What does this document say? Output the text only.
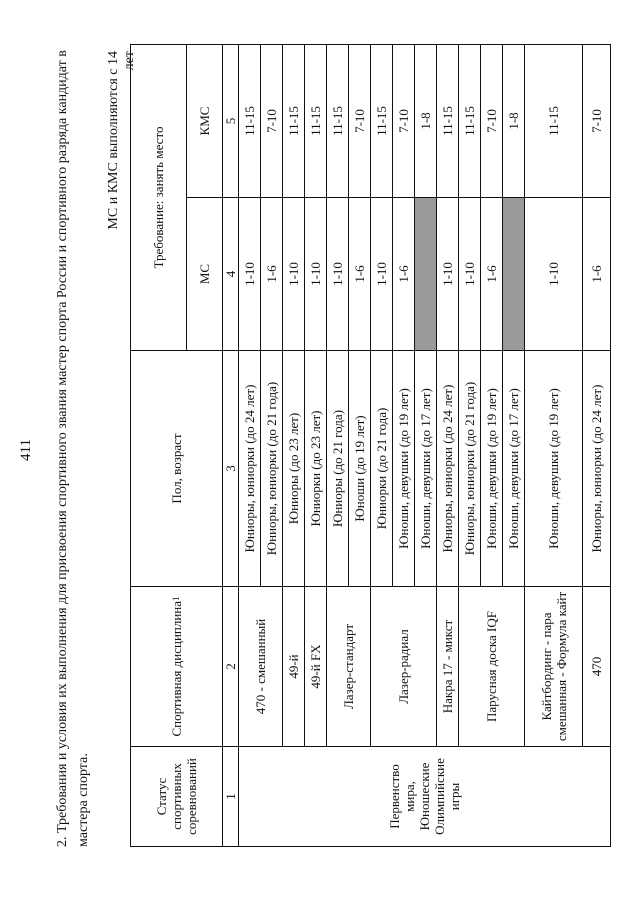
411 2. Требования и условия их выполнения для присвоения спортивного звания мастер спорта России и спортивного разряда кандидат в мастера спорта.
МС и КМС выполняются с 14 лет
Статус спортивных соревнований	Спортивная дисциплина$^1$	Пол, возраст	Требование: занять место	
			МС	КМС
1	2	3	4	5
Первенство мира, Юношеские Олимпийские игры	470 - смешанный	Юниоры, юниорки (до 24 лет)	1-10	11-15
		Юниоры, юниорки (до 21 года)	1-6	7-10
	49-й	Юниоры (до 23 лет)	1-10	11-15
	49-й FX	Юниорки (до 23 лет)	1-10	11-15
	Лазер-стандарт	Юниоры (до 21 года)	1-10	11-15
		Юноши (до 19 лет)	1-6	7-10
	Лазер-радиал	Юниорки (до 21 года)	1-10	11-15
		Юноши, девушки (до 19 лет)	1-6	7-10
		Юноши, девушки (до 17 лет)		1-8
	Накра 17 - микст	Юниоры, юниорки (до 24 лет)	1-10	11-15
	Парусная доска IQF	Юниоры, юниорки (до 21 года)	1-10	11-15
		Юноши, девушки (до 19 лет)	1-6	7-10
		Юноши, девушки (до 17 лет)		1-8
	Кайтбординг - пара смешанная - Формула кайт	Юноши, девушки (до 19 лет)	1-10	11-15
	470	Юниоры, юниорки (до 24 лет)	1-6	7-10
